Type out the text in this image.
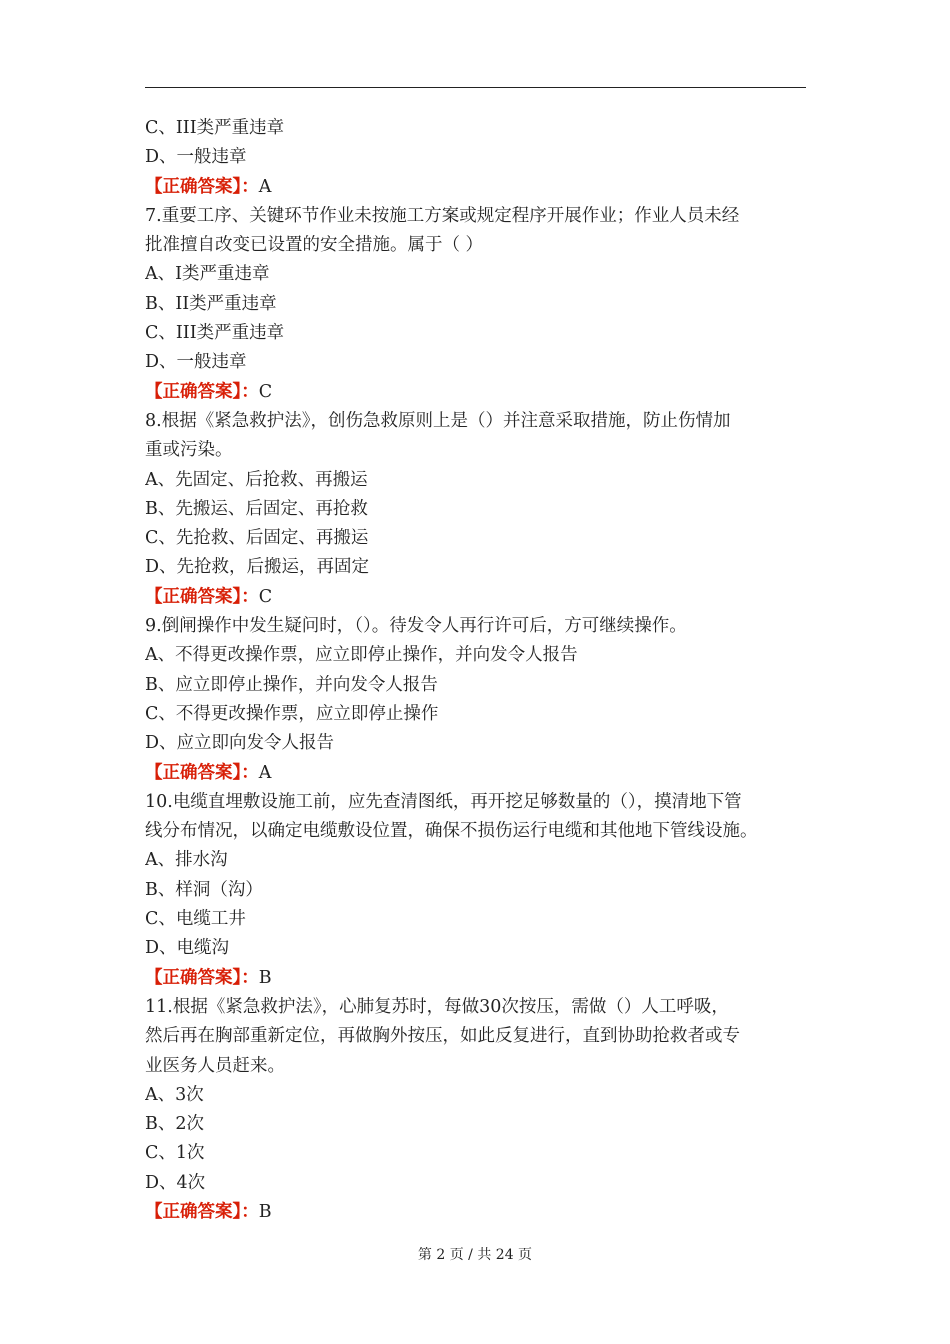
C、III类严重违章
D、一般违章
【正确答案】：A
7.重要工序、关键环节作业未按施工方案或规定程序开展作业；作业人员未经
批准擅自改变已设置的安全措施。属于（ ）
A、I类严重违章
B、II类严重违章
C、III类严重违章
D、一般违章
【正确答案】：C
8.根据《紧急救护法》，创伤急救原则上是（）并注意采取措施，防止伤情加
重或污染。
A、先固定、后抢救、再搬运
B、先搬运、后固定、再抢救
C、先抢救、后固定、再搬运
D、先抢救，后搬运，再固定
【正确答案】：C
9.倒闸操作中发生疑问时，（）。待发令人再行许可后，方可继续操作。
A、不得更改操作票，应立即停止操作，并向发令人报告
B、应立即停止操作，并向发令人报告
C、不得更改操作票，应立即停止操作
D、应立即向发令人报告
【正确答案】：A
10.电缆直埋敷设施工前，应先查清图纸，再开挖足够数量的（），摸清地下管
线分布情况，以确定电缆敷设位置，确保不损伤运行电缆和其他地下管线设施。
A、排水沟
B、样洞（沟）
C、电缆工井
D、电缆沟
【正确答案】：B
11.根据《紧急救护法》，心肺复苏时，每做30次按压，需做（）人工呼吸，
然后再在胸部重新定位，再做胸外按压，如此反复进行，直到协助抢救者或专
业医务人员赶来。
A、3次
B、2次
C、1次
D、4次
【正确答案】：B
第 2 页 / 共 24 页
